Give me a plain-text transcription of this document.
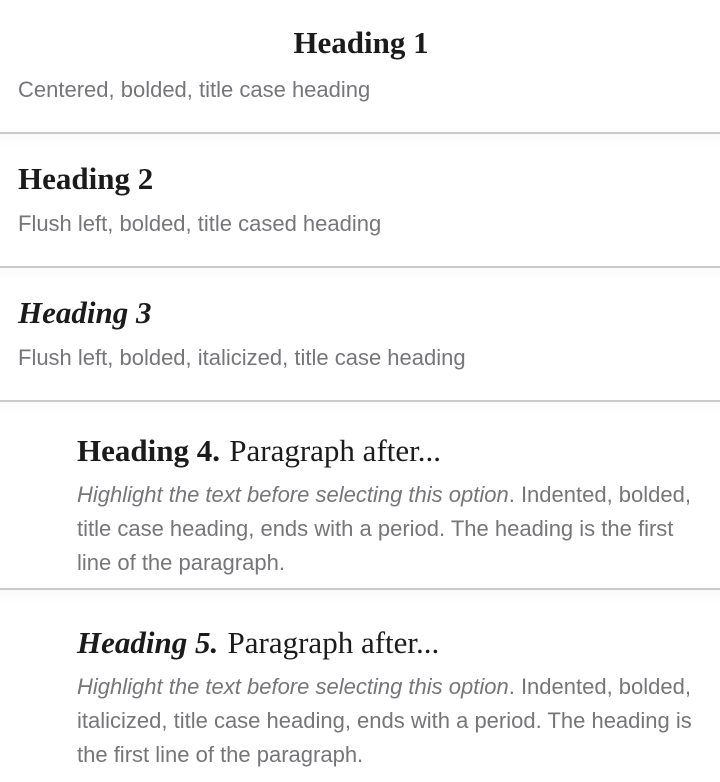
Heading 1

Centered, bolded, title case heading

Heading 2

Flush left, bolded, title cased heading

Heading 3

Flush left, bolded, italicized, title case heading

Heading 4. Paragraph after...

Highlight the text before selecting this option. Indented, bolded, title case heading, ends with a period. The heading is the first line of the paragraph.

Heading 5. Paragraph after...

Highlight the text before selecting this option. Indented, bolded, italicized, title case heading, ends with a period. The heading is the first line of the paragraph.
